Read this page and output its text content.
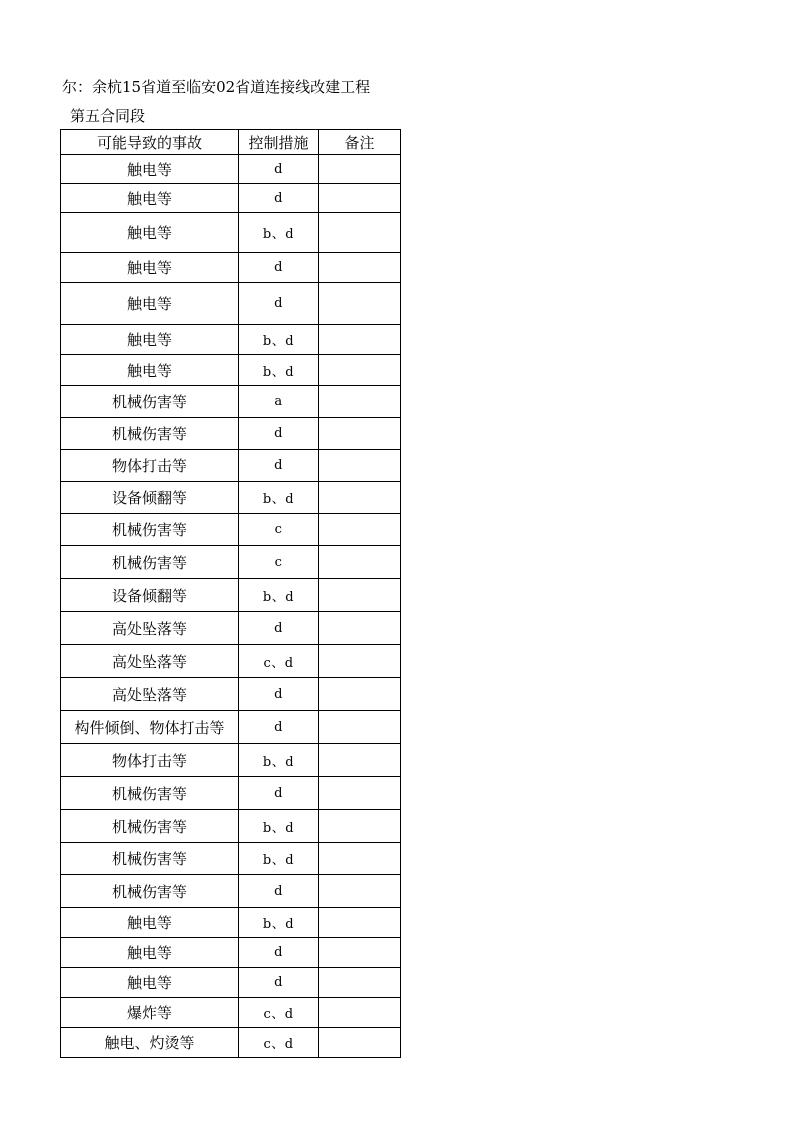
尔：余杭15省道至临安02省道连接线改建工程
第五合同段
可能导致的事故	控制措施	备注
触电等	d	
触电等	d	
触电等	b、d	
触电等	d	
触电等	d	
触电等	b、d	
触电等	b、d	
机械伤害等	a	
机械伤害等	d	
物体打击等	d	
设备倾翻等	b、d	
机械伤害等	c	
机械伤害等	c	
设备倾翻等	b、d	
高处坠落等	d	
高处坠落等	c、d	
高处坠落等	d	
构件倾倒、物体打击等	d	
物体打击等	b、d	
机械伤害等	d	
机械伤害等	b、d	
机械伤害等	b、d	
机械伤害等	d	
触电等	b、d	
触电等	d	
触电等	d	
爆炸等	c、d	
触电、灼烫等	c、d	
